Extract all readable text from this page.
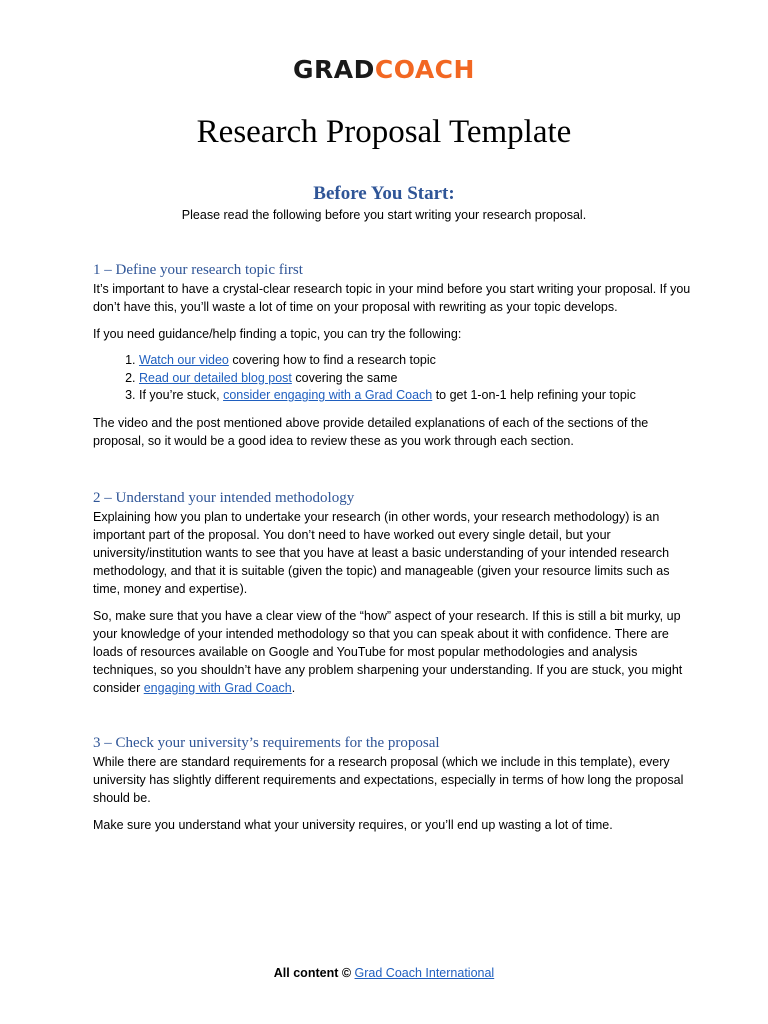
GRADCOACH
Research Proposal Template
Before You Start:
Please read the following before you start writing your research proposal.
1 – Define your research topic first

It’s important to have a crystal-clear research topic in your mind before you start writing your proposal. If you don’t have this, you’ll waste a lot of time on your proposal with rewriting as your topic develops.

If you need guidance/help finding a topic, you can try the following:

1. Watch our video covering how to find a research topic
2. Read our detailed blog post covering the same
3. If you’re stuck, consider engaging with a Grad Coach to get 1-on-1 help refining your topic

The video and the post mentioned above provide detailed explanations of each of the sections of the proposal, so it would be a good idea to review these as you work through each section.

2 – Understand your intended methodology

Explaining how you plan to undertake your research (in other words, your research methodology) is an important part of the proposal. You don’t need to have worked out every single detail, but your university/institution wants to see that you have at least a basic understanding of your intended research methodology, and that it is suitable (given the topic) and manageable (given your resource limits such as time, money and expertise).

So, make sure that you have a clear view of the “how” aspect of your research. If this is still a bit murky, up your knowledge of your intended methodology so that you can speak about it with confidence. There are loads of resources available on Google and YouTube for most popular methodologies and analysis techniques, so you shouldn’t have any problem sharpening your understanding. If you are stuck, you might consider engaging with Grad Coach.

3 – Check your university’s requirements for the proposal

While there are standard requirements for a research proposal (which we include in this template), every university has slightly different requirements and expectations, especially in terms of how long the proposal should be.

Make sure you understand what your university requires, or you’ll end up wasting a lot of time.

All content © Grad Coach International
